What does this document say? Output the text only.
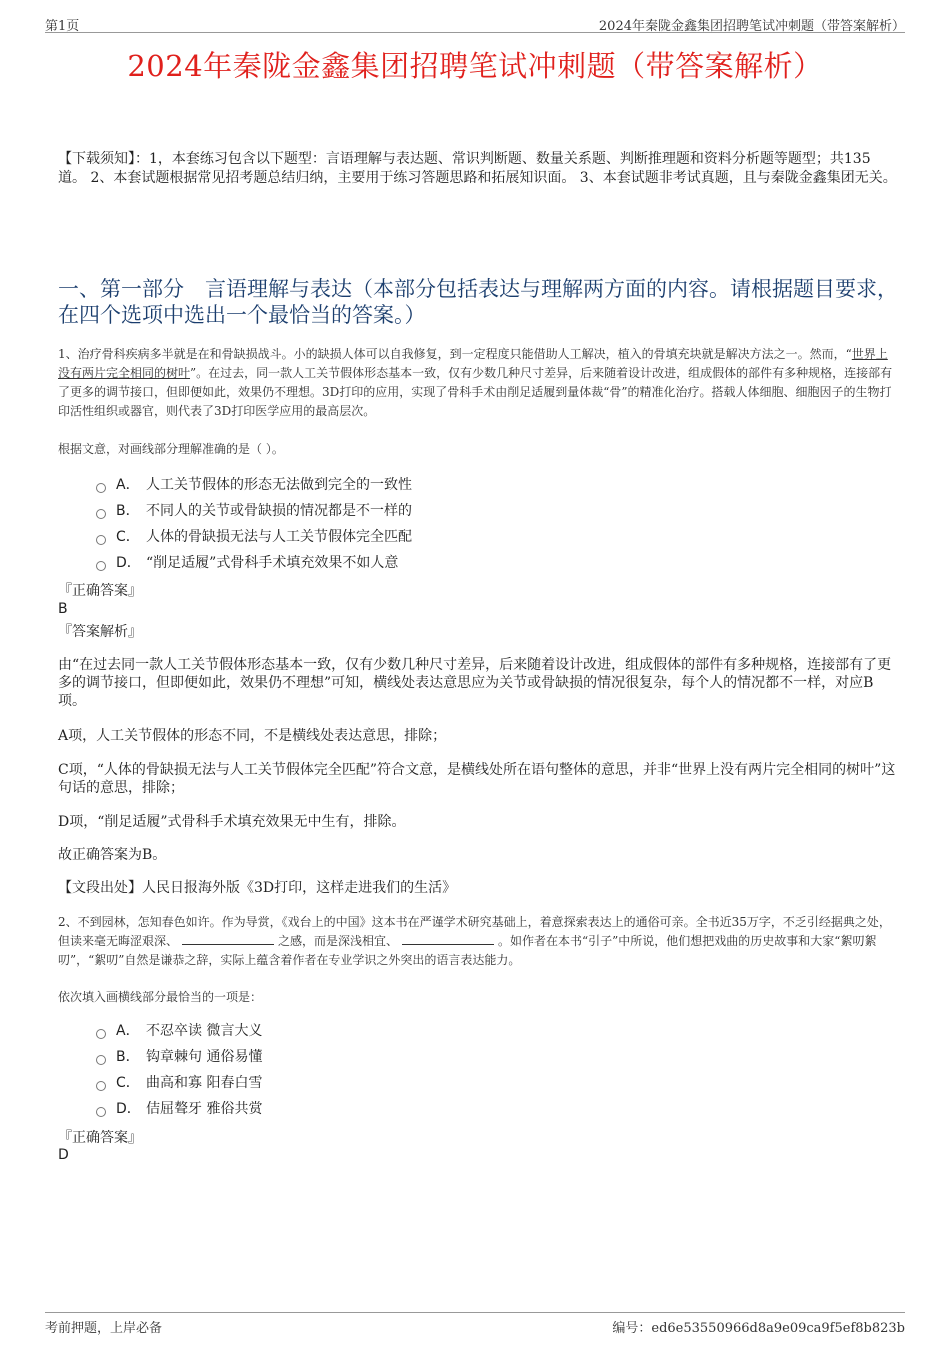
第1页	2024年秦陇金鑫集团招聘笔试冲刺题（带答案解析）
2024年秦陇金鑫集团招聘笔试冲刺题（带答案解析）
【下载须知】：1，本套练习包含以下题型：言语理解与表达题、常识判断题、数量关系题、判断推理题和资料分析题等题型；共135道。 2、本套试题根据常见招考题总结归纳，主要用于练习答题思路和拓展知识面。 3、本套试题非考试真题，且与秦陇金鑫集团无关。
一、第一部分　言语理解与表达（本部分包括表达与理解两方面的内容。请根据题目要求，在四个选项中选出一个最恰当的答案。）
1、治疗骨科疾病多半就是在和骨缺损战斗。小的缺损人体可以自我修复，到一定程度只能借助人工解决，植入的骨填充块就是解决方法之一。然而，“世界上没有两片完全相同的树叶”。在过去，同一款人工关节假体形态基本一致，仅有少数几种尺寸差异，后来随着设计改进，组成假体的部件有多种规格，连接部有了更多的调节接口，但即便如此，效果仍不理想。3D打印的应用，实现了骨科手术由削足适履到量体裁“骨”的精准化治疗。搭载人体细胞、细胞因子的生物打印活性组织或器官，则代表了3D打印医学应用的最高层次。
根据文意，对画线部分理解准确的是（ ）。
A． 人工关节假体的形态无法做到完全的一致性
B． 不同人的关节或骨缺损的情况都是不一样的
C． 人体的骨缺损无法与人工关节假体完全匹配
D． “削足适履”式骨科手术填充效果不如人意
『正确答案』
B
『答案解析』
由“在过去同一款人工关节假体形态基本一致，仅有少数几种尺寸差异，后来随着设计改进，组成假体的部件有多种规格，连接部有了更多的调节接口，但即便如此，效果仍不理想”可知，横线处表达意思应为关节或骨缺损的情况很复杂，每个人的情况都不一样，对应B项。
A项，人工关节假体的形态不同，不是横线处表达意思，排除；
C项，“人体的骨缺损无法与人工关节假体完全匹配”符合文意，是横线处所在语句整体的意思，并非“世界上没有两片完全相同的树叶”这句话的意思，排除；
D项，“削足适履”式骨科手术填充效果无中生有，排除。
故正确答案为B。
【文段出处】人民日报海外版《3D打印，这样走进我们的生活》
2、不到园林，怎知春色如许。作为导赏，《戏台上的中国》这本书在严谨学术研究基础上，着意探索表达上的通俗可亲。全书近35万字，不乏引经据典之处，但读来毫无晦涩艰深、	之感，而是深浅相宜、	。如作者在本书“引子”中所说，他们想把戏曲的历史故事和大家“絮叨絮叨”，“絮叨”自然是谦恭之辞，实际上蕴含着作者在专业学识之外突出的语言表达能力。
依次填入画横线部分最恰当的一项是：
A． 不忍卒读 微言大义
B． 钩章棘句 通俗易懂
C． 曲高和寡 阳春白雪
D． 佶屈聱牙 雅俗共赏
『正确答案』
D
考前押题，上岸必备	编号：ed6e53550966d8a9e09ca9f5ef8b823b
